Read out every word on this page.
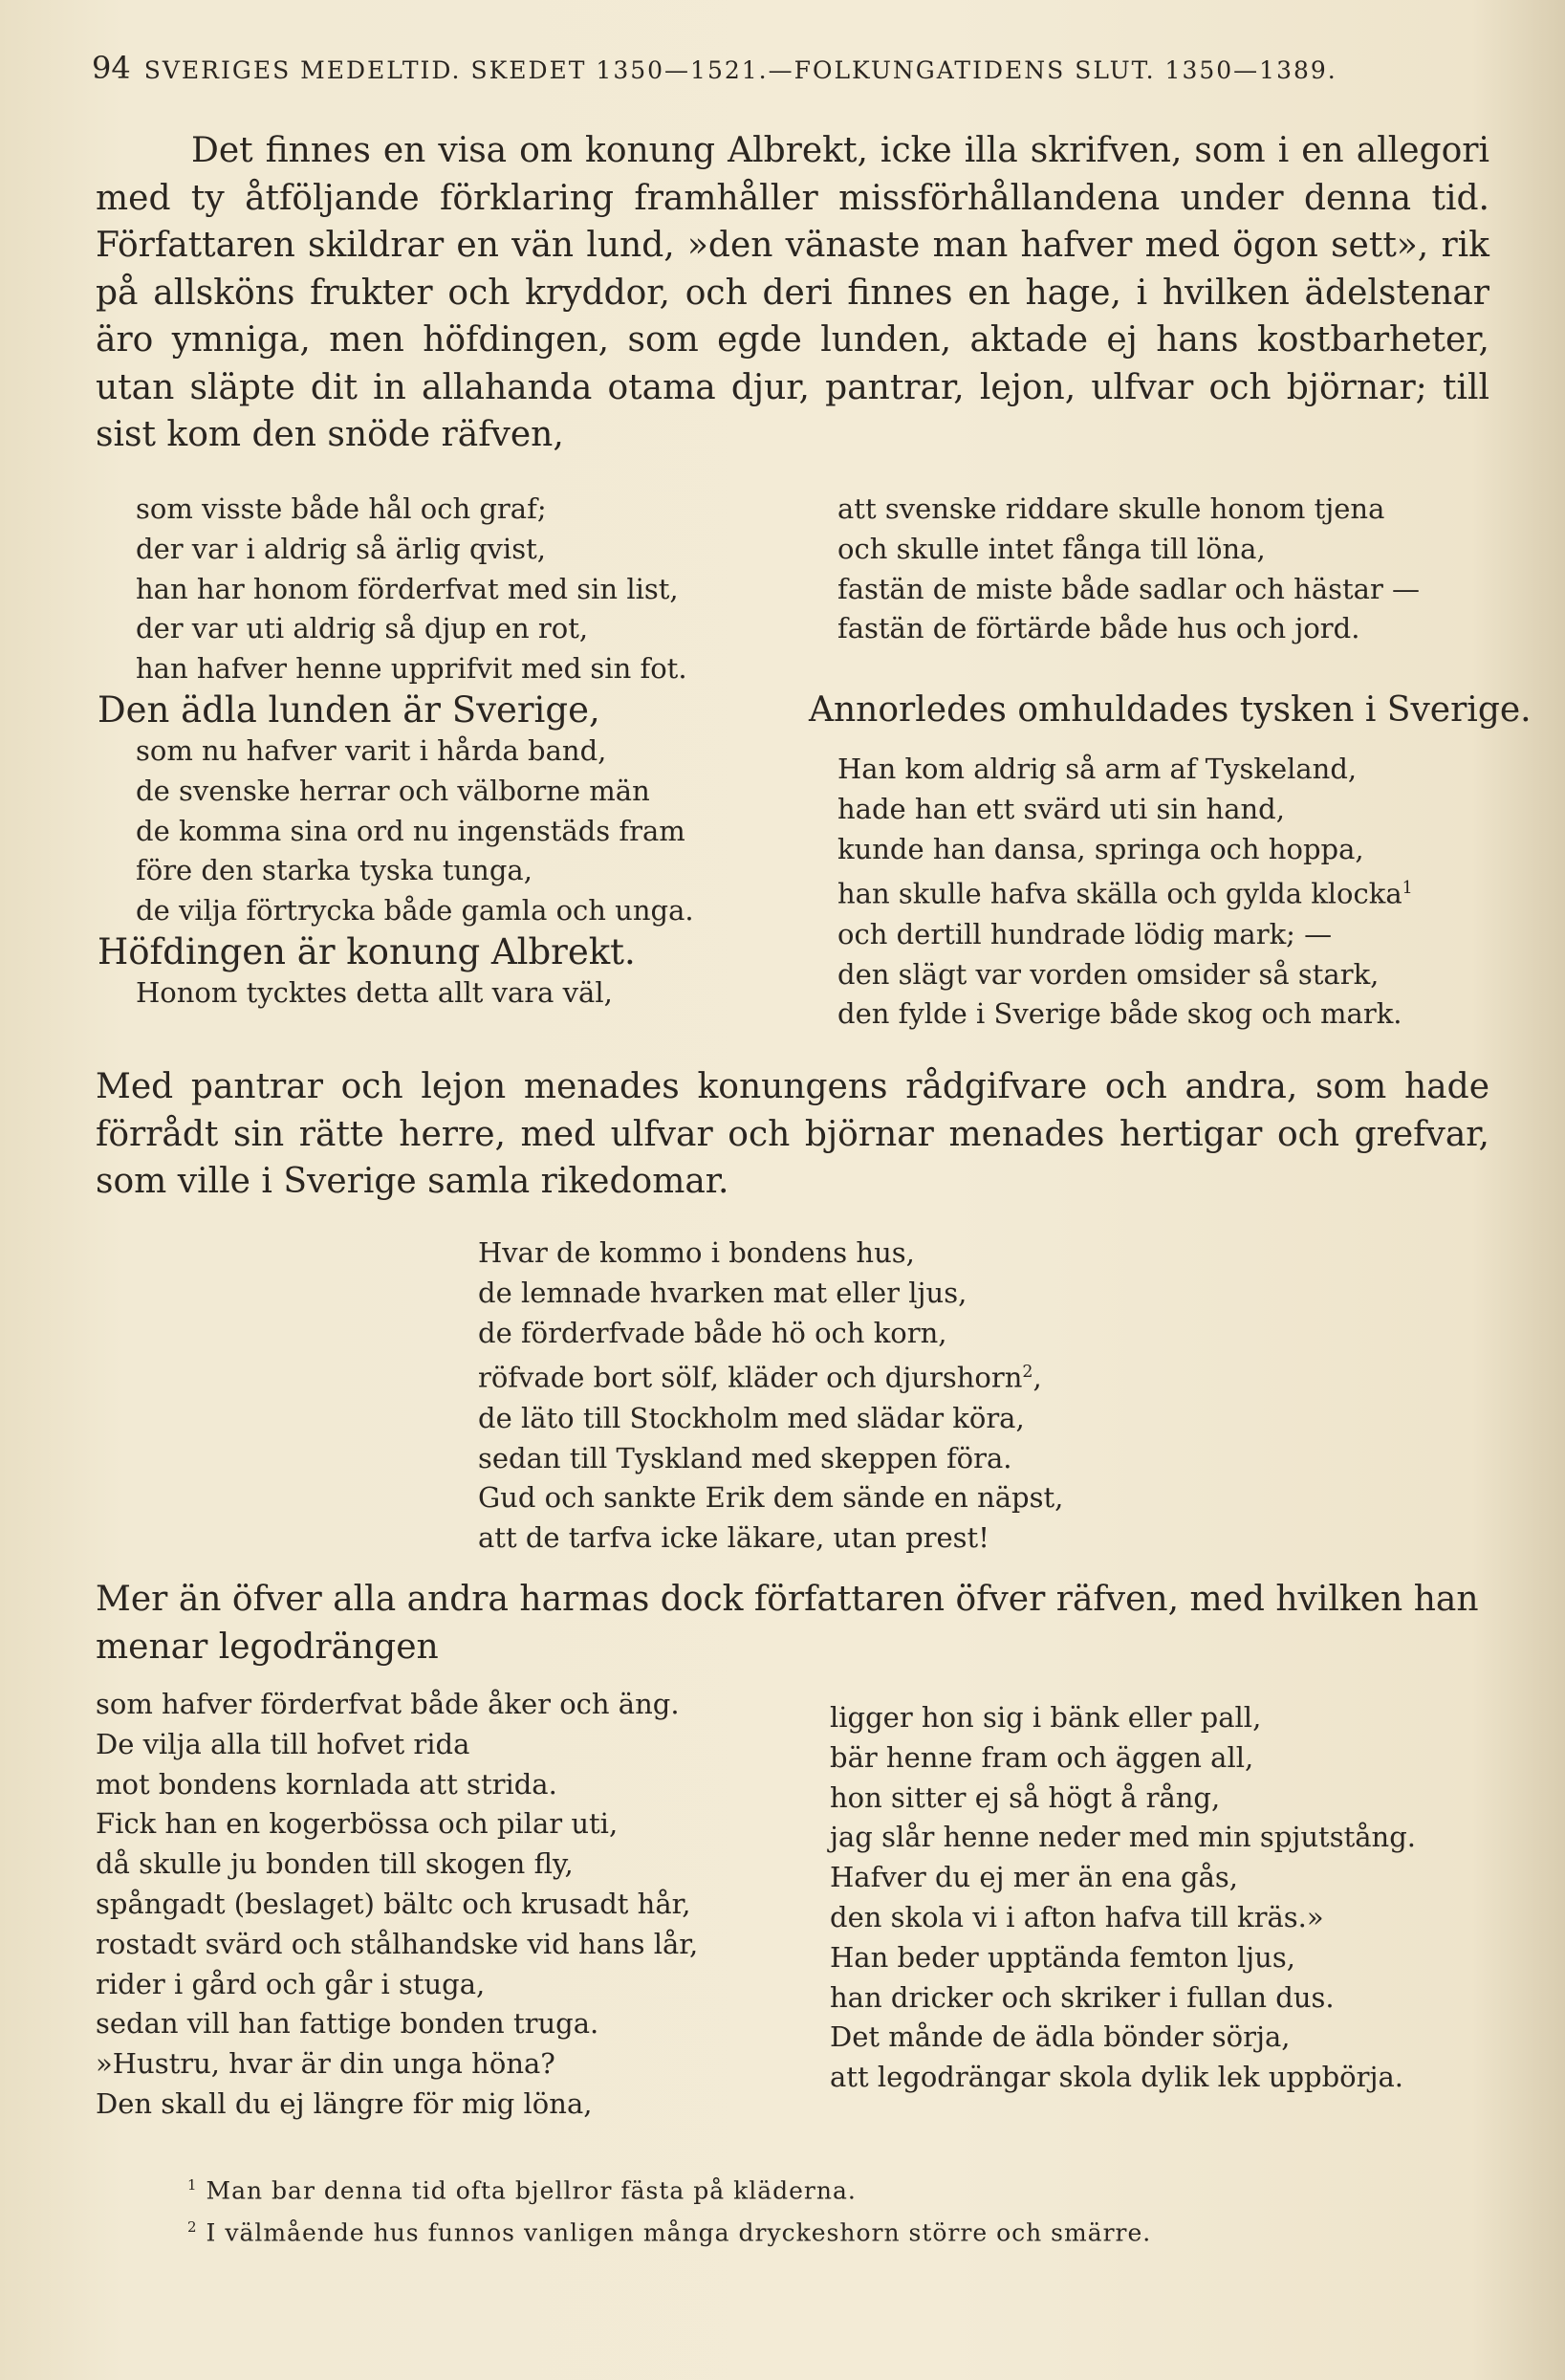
94 SVERIGES MEDELTID. SKEDET 1350—1521.—FOLKUNGATIDENS SLUT. 1350—1389.
Det finnes en visa om konung Albrekt, icke illa skrifven, som i en allegori med ty åtföljande förklaring framhåller missförhållandena under denna tid. Författaren skildrar en vän lund, »den vänaste man hafver med ögon sett», rik på allsköns frukter och kryddor, och deri finnes en hage, i hvilken ädelstenar äro ymniga, men höfdingen, som egde lunden, aktade ej hans kostbarheter, utan släpte dit in allahanda otama djur, pantrar, lejon, ulfvar och björnar; till sist kom den snöde räfven,
som visste både hål och graf;
der var i aldrig så ärlig qvist,
han har honom förderfvat med sin list,
der var uti aldrig så djup en rot,
han hafver henne upprifvit med sin fot.
Den ädla lunden är Sverige,
som nu hafver varit i hårda band,
de svenske herrar och välborne män
de komma sina ord nu ingenstäds fram
före den starka tyska tunga,
de vilja förtrycka både gamla och unga.
Höfdingen är konung Albrekt.
Honom tycktes detta allt vara väl,
att svenske riddare skulle honom tjena
och skulle intet fånga till löna,
fastän de miste både sadlar och hästar —
fastän de förtärde både hus och jord.
Annorledes omhuldades tysken i Sverige.
Han kom aldrig så arm af Tyskeland,
hade han ett svärd uti sin hand,
kunde han dansa, springa och hoppa,
han skulle hafva skälla och gylda klocka$^1$
och dertill hundrade lödig mark; —
den slägt var vorden omsider så stark,
den fylde i Sverige både skog och mark.
Med pantrar och lejon menades konungens rådgifvare och andra, som hade förrådt sin rätte herre, med ulfvar och björnar menades hertigar och grefvar, som ville i Sverige samla rikedomar.
Hvar de kommo i bondens hus,
de lemnade hvarken mat eller ljus,
de förderfvade både hö och korn,
röfvade bort sölf, kläder och djurshorn$^2$,
de läto till Stockholm med slädar köra,
sedan till Tyskland med skeppen föra.
Gud och sankte Erik dem sände en näpst,
att de tarfva icke läkare, utan prest!
Mer än öfver alla andra harmas dock författaren öfver räfven, med hvilken han menar legodrängen
som hafver förderfvat både åker och äng.
De vilja alla till hofvet rida
mot bondens kornlada att strida.
Fick han en kogerbössa och pilar uti,
då skulle ju bonden till skogen fly,
spångadt (beslaget) bältc och krusadt hår,
rostadt svärd och stålhandske vid hans lår,
rider i gård och går i stuga,
sedan vill han fattige bonden truga.
»Hustru, hvar är din unga höna?
Den skall du ej längre för mig löna,
ligger hon sig i bänk eller pall,
bär henne fram och äggen all,
hon sitter ej så högt å rång,
jag slår henne neder med min spjutstång.
Hafver du ej mer än ena gås,
den skola vi i afton hafva till kräs.»
Han beder upptända femton ljus,
han dricker och skriker i fullan dus.
Det månde de ädla bönder sörja,
att legodrängar skola dylik lek uppbörja.
$^1$ Man bar denna tid ofta bjellror fästa på kläderna.
$^2$ I välmående hus funnos vanligen många dryckeshorn större och smärre.
